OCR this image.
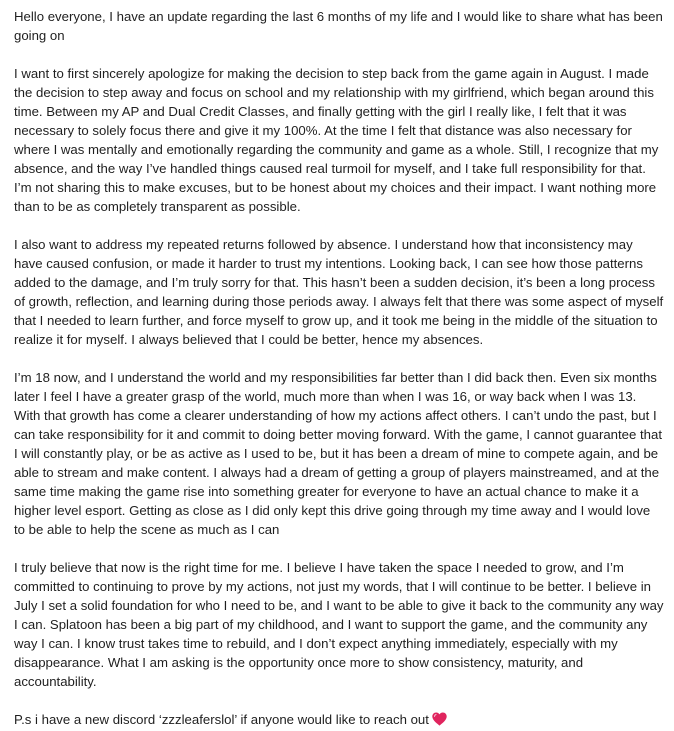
Hello everyone, I have an update regarding the last 6 months of my life and I would like to share what has been going on

I want to first sincerely apologize for making the decision to step back from the game again in August. I made the decision to step away and focus on school and my relationship with my girlfriend, which began around this time. Between my AP and Dual Credit Classes, and finally getting with the girl I really like, I felt that it was necessary to solely focus there and give it my 100%. At the time I felt that distance was also necessary for where I was mentally and emotionally regarding the community and game as a whole. Still, I recognize that my absence, and the way I’ve handled things caused real turmoil for myself, and I take full responsibility for that. I’m not sharing this to make excuses, but to be honest about my choices and their impact. I want nothing more than to be as completely transparent as possible.

I also want to address my repeated returns followed by absence. I understand how that inconsistency may have caused confusion, or made it harder to trust my intentions. Looking back, I can see how those patterns added to the damage, and I’m truly sorry for that. This hasn’t been a sudden decision, it’s been a long process of growth, reflection, and learning during those periods away. I always felt that there was some aspect of myself that I needed to learn further, and force myself to grow up, and it took me being in the middle of the situation to realize it for myself. I always believed that I could be better, hence my absences.

I’m 18 now, and I understand the world and my responsibilities far better than I did back then. Even six months later I feel I have a greater grasp of the world, much more than when I was 16, or way back when I was 13. With that growth has come a clearer understanding of how my actions affect others. I can’t undo the past, but I can take responsibility for it and commit to doing better moving forward. With the game, I cannot guarantee that I will constantly play, or be as active as I used to be, but it has been a dream of mine to compete again, and be able to stream and make content. I always had a dream of getting a group of players mainstreamed, and at the same time making the game rise into something greater for everyone to have an actual chance to make it a higher level esport. Getting as close as I did only kept this drive going through my time away and I would love to be able to help the scene as much as I can

I truly believe that now is the right time for me. I believe I have taken the space I needed to grow, and I’m committed to continuing to prove by my actions, not just my words, that I will continue to be better. I believe in July I set a solid foundation for who I need to be, and I want to be able to give it back to the community any way I can. Splatoon has been a big part of my childhood, and I want to support the game, and the community any way I can. I know trust takes time to rebuild, and I don’t expect anything immediately, especially with my disappearance. What I am asking is the opportunity once more to show consistency, maturity, and accountability.

P.s i have a new discord ‘zzzleaferslol’ if anyone would like to reach out
